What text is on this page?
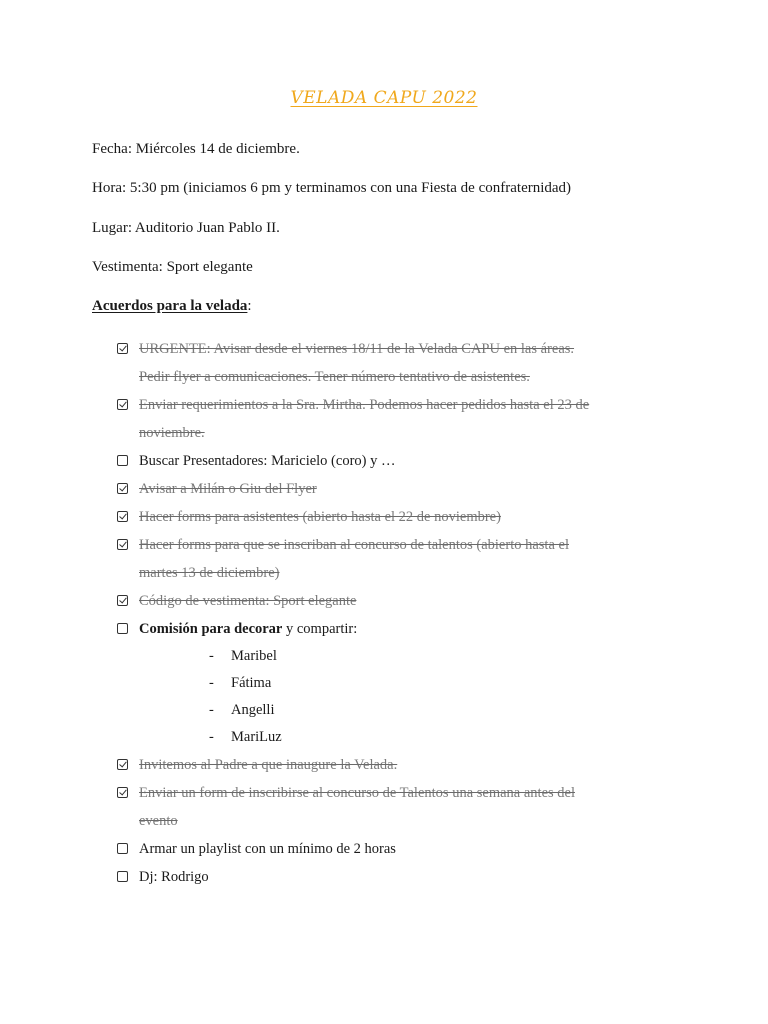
VELADA CAPU 2022
Fecha: Miércoles 14 de diciembre.
Hora: 5:30 pm (iniciamos 6 pm y terminamos con una Fiesta de confraternidad)
Lugar: Auditorio Juan Pablo II.
Vestimenta: Sport elegante
Acuerdos para la velada:
URGENTE: Avisar desde el viernes 18/11 de la Velada CAPU en las áreas.
Pedir flyer a comunicaciones. Tener número tentativo de asistentes.
Enviar requerimientos a la Sra. Mirtha. Podemos hacer pedidos hasta el 23 de
noviembre.
Buscar Presentadores: Maricielo (coro) y …
Avisar a Milán o Giu del Flyer
Hacer forms para asistentes (abierto hasta el 22 de noviembre)
Hacer forms para que se inscriban al concurso de talentos (abierto hasta el
martes 13 de diciembre)
Código de vestimenta: Sport elegante
Comisión para decorar y compartir:
- Maribel
- Fátima
- Angelli
- MariLuz
Invitemos al Padre a que inaugure la Velada.
Enviar un form de inscribirse al concurso de Talentos una semana antes del
evento
Armar un playlist con un mínimo de 2 horas
Dj: Rodrigo
